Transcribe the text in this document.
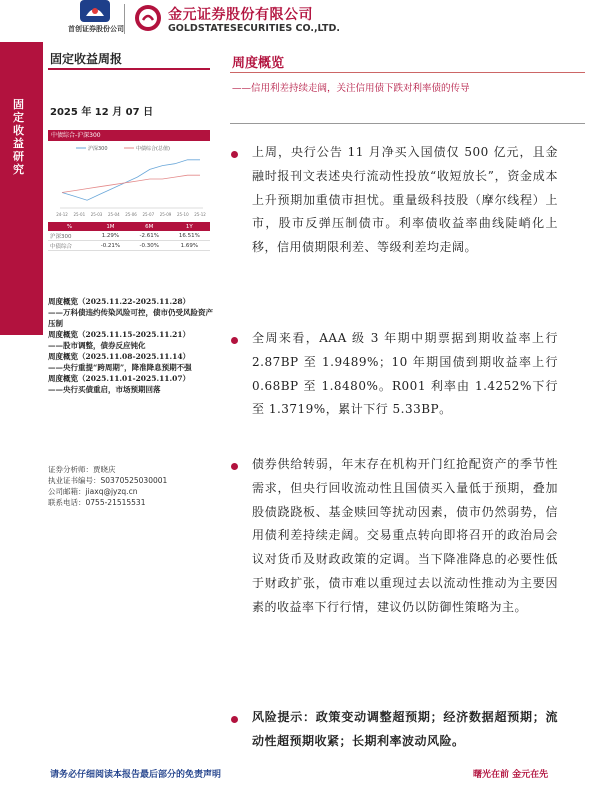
首创证券股份公司
金元证券股份有限公司
GOLDSTATESECURITIES CO.,LTD.
固定收益研究
固定收益周报
2025 年 12 月 07 日
中债综合-沪深300
沪深300	中债综合(总值)
24-12 25-01 25-03 25-04 25-06 25-07 25-09 25-10 25-12
%	1M	6M	1Y
沪深300	1.29%	-2.61%	16.51%
中债综合	-0.21%	-0.30%	1.69%
周度概览（2025.11.22-2025.11.28）
——万科债违约传染风险可控，债市仍受风险资产压制
周度概览（2025.11.15-2025.11.21）
——股市调整，债券反应钝化
周度概览（2025.11.08-2025.11.14）
——央行重提“跨周期”，降准降息预期不强
周度概览（2025.11.01-2025.11.07）
——央行买债重启，市场预期回落
证券分析师：贾晓庆
执业证书编号：S0370525030001
公司邮箱：jiaxq@jyzq.cn
联系电话：0755-21515531
周度概览
——信用利差持续走阔，关注信用债下跌对利率债的传导
上周，央行公告 11 月净买入国债仅 500 亿元，且金融时报刊文表述央行流动性投放“收短放长”，资金成本上升预期加重债市担忧。重量级科技股（摩尔线程）上市，股市反弹压制债市。利率债收益率曲线陡峭化上移，信用债期限利差、等级利差均走阔。
全周来看，AAA 级 3 年期中期票据到期收益率上行 2.87BP 至 1.9489%；10 年期国债到期收益率上行 0.68BP 至 1.8480%。R001 利率由 1.4252%下行至 1.3719%，累计下行 5.33BP。
债券供给转弱，年末存在机构开门红抢配资产的季节性需求，但央行回收流动性且国债买入量低于预期，叠加股债跷跷板、基金赎回等扰动因素，债市仍然弱势，信用债利差持续走阔。交易重点转向即将召开的政治局会议对货币及财政政策的定调。当下降准降息的必要性低于财政扩张，债市难以重现过去以流动性推动为主要因素的收益率下行行情，建议仍以防御性策略为主。
风险提示：政策变动调整超预期；经济数据超预期；流动性超预期收紧；长期利率波动风险。
请务必仔细阅读本报告最后部分的免责声明	曙光在前 金元在先
